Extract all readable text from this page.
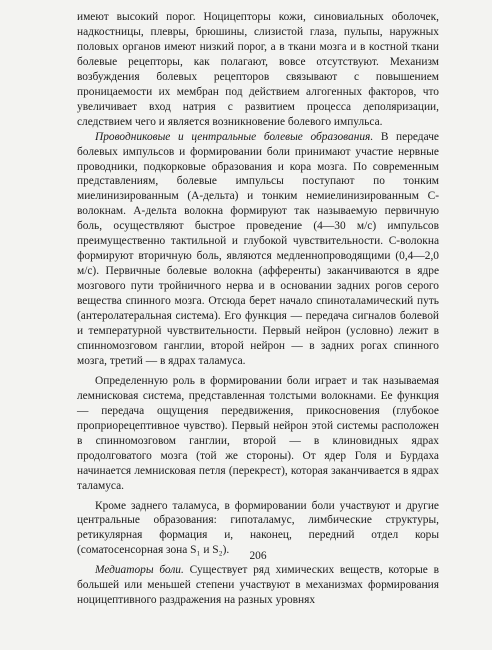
имеют высокий порог. Ноцицепторы кожи, синовиальных оболочек, надкостницы, плевры, брюшины, слизистой глаза, пульпы, наружных половых органов имеют низкий порог, а в ткани мозга и в костной ткани болевые рецепторы, как полагают, вовсе отсутствуют. Механизм возбуждения болевых рецепторов связывают с повышением проницаемости их мембран под действием алгогенных факторов, что увеличивает вход натрия с развитием процесса деполяризации, следствием чего и является возникновение болевого импульса.

Проводниковые и центральные болевые образования. В передаче болевых импульсов и формировании боли принимают участие нервные проводники, подкорковые образования и кора мозга. По современным представлениям, болевые импульсы поступают по тонким миелинизированным (А-дельта) и тонким немиелинизированным С-волокнам. А-дельта волокна формируют так называемую первичную боль, осуществляют быстрое проведение (4—30 м/с) импульсов преимущественно тактильной и глубокой чувствительности. С-волокна формируют вторичную боль, являются медленнопроводящими (0,4—2,0 м/с). Первичные болевые волокна (афференты) заканчиваются в ядре мозгового пути тройничного нерва и в основании задних рогов серого вещества спинного мозга. Отсюда берет начало спиноталамический путь (антеролатеральная система). Его функция — передача сигналов болевой и температурной чувствительности. Первый нейрон (условно) лежит в спинномозговом ганглии, второй нейрон — в задних рогах спинного мозга, третий — в ядрах таламуса.

Определенную роль в формировании боли играет и так называемая лемнисковая система, представленная толстыми волокнами. Ее функция — передача ощущения передвижения, прикосновения (глубокое проприорецептивное чувство). Первый нейрон этой системы расположен в спинномозговом ганглии, второй — в клиновидных ядрах продолговатого мозга (той же стороны). От ядер Голя и Бурдаха начинается лемнисковая петля (перекрест), которая заканчивается в ядрах таламуса.

Кроме заднего таламуса, в формировании боли участвуют и другие центральные образования: гипоталамус, лимбические структуры, ретикулярная формация и, наконец, передний отдел коры (соматосенсорная зона S₁ и S₂).

Медиаторы боли. Существует ряд химических веществ, которые в большей или меньшей степени участвуют в механизмах формирования ноцицептивного раздражения на разных уровнях

206
